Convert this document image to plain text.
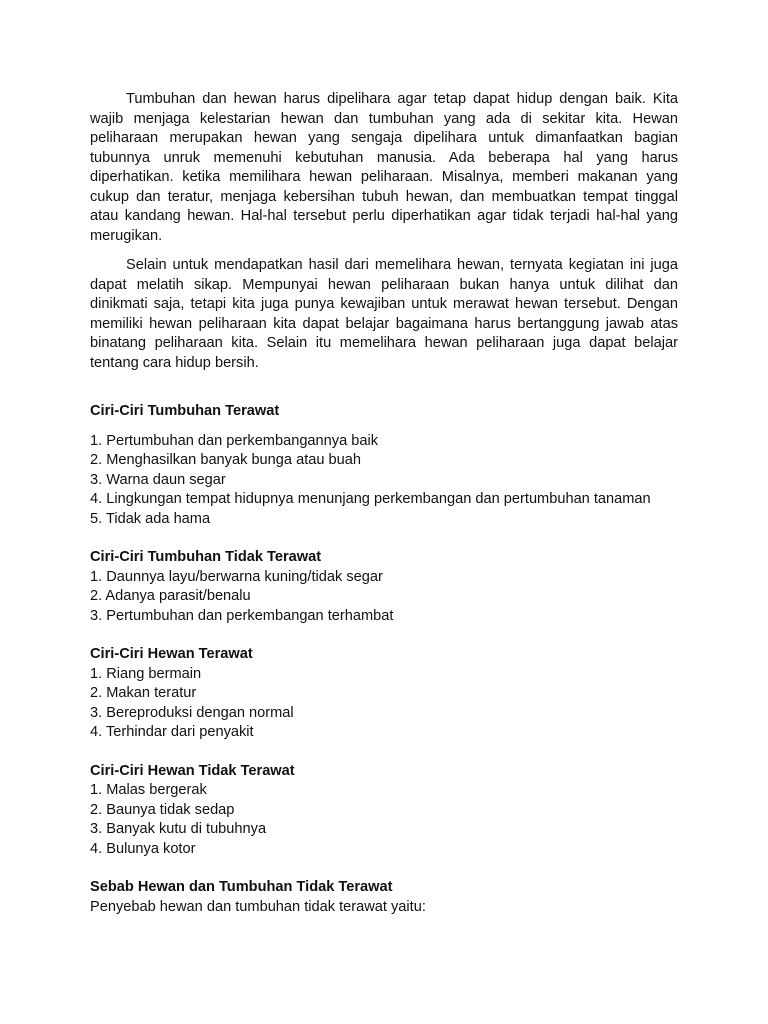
Tumbuhan dan hewan harus dipelihara agar tetap dapat hidup dengan baik. Kita wajib menjaga kelestarian hewan dan tumbuhan yang ada di sekitar kita. Hewan peliharaan merupakan hewan yang sengaja dipelihara untuk dimanfaatkan bagian tubunnya unruk memenuhi kebutuhan manusia. Ada beberapa hal yang harus diperhatikan. ketika memilihara hewan peliharaan. Misalnya, memberi makanan yang cukup dan teratur, menjaga kebersihan tubuh hewan, dan membuatkan tempat tinggal atau kandang hewan. Hal-hal tersebut perlu diperhatikan agar tidak terjadi hal-hal yang merugikan.

Selain untuk mendapatkan hasil dari memelihara hewan, ternyata kegiatan ini juga dapat melatih sikap. Mempunyai hewan peliharaan bukan hanya untuk dilihat dan dinikmati saja, tetapi kita juga punya kewajiban untuk merawat hewan tersebut. Dengan memiliki hewan peliharaan kita dapat belajar bagaimana harus bertanggung jawab atas binatang peliharaan kita. Selain itu memelihara hewan peliharaan juga dapat belajar tentang cara hidup bersih.

Ciri-Ciri Tumbuhan Terawat
1. Pertumbuhan dan perkembangannya baik
2. Menghasilkan banyak bunga atau buah
3. Warna daun segar
4. Lingkungan tempat hidupnya menunjang perkembangan dan pertumbuhan tanaman
5. Tidak ada hama
Ciri-Ciri Tumbuhan Tidak Terawat
1. Daunnya layu/berwarna kuning/tidak segar
2. Adanya parasit/benalu
3. Pertumbuhan dan perkembangan terhambat
Ciri-Ciri Hewan Terawat
1. Riang bermain
2. Makan teratur
3. Bereproduksi dengan normal
4. Terhindar dari penyakit
Ciri-Ciri Hewan Tidak Terawat
1. Malas bergerak
2. Baunya tidak sedap
3. Banyak kutu di tubuhnya
4. Bulunya kotor
Sebab Hewan dan Tumbuhan Tidak Terawat
Penyebab hewan dan tumbuhan tidak terawat yaitu:
